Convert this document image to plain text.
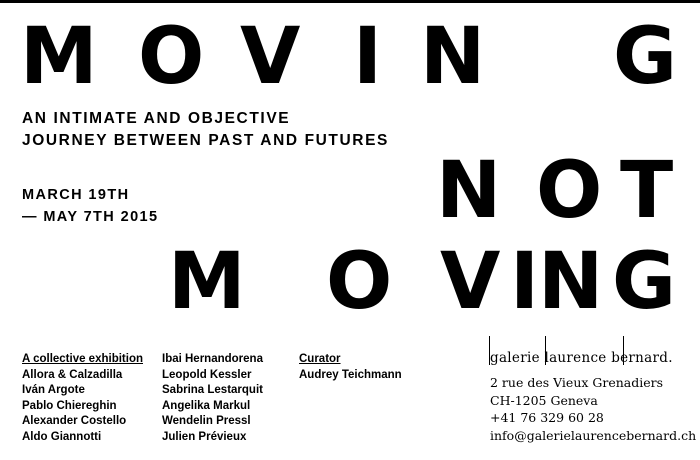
M O V I N G
AN INTIMATE AND OBJECTIVE
JOURNEY BETWEEN PAST AND FUTURES
N O T
MARCH 19TH
— MAY 7TH 2015
M O V I
N G
A collective exhibition
Allora & Calzadilla
Iván Argote
Pablo Chiereghin
Alexander Costello
Aldo Giannotti
Ibai Hernandorena
Leopold Kessler
Sabrina Lestarquit
Angelika Markul
Wendelin Pressl
Julien Prévieux
Curator
Audrey Teichmann
galerie laurence bernard.
2 rue des Vieux Grenadiers
CH-1205 Geneva
+41 76 329 60 28
info@galerielaurencebernard.ch
